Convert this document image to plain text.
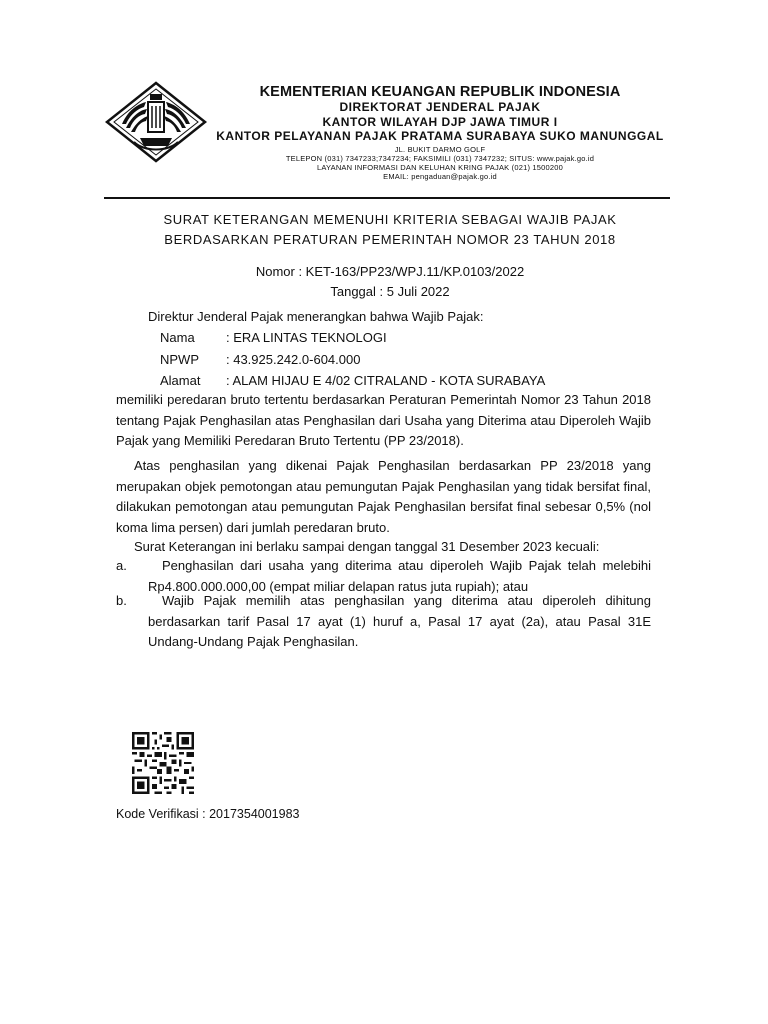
KEMENTERIAN KEUANGAN REPUBLIK INDONESIA
DIREKTORAT JENDERAL PAJAK
KANTOR WILAYAH DJP JAWA TIMUR I
KANTOR PELAYANAN PAJAK PRATAMA SURABAYA SUKO MANUNGGAL
JL. BUKIT DARMO GOLF
TELEPON (031) 7347233;7347234; FAKSIMILI (031) 7347232; SITUS: www.pajak.go.id
LAYANAN INFORMASI DAN KELUHAN KRING PAJAK (021) 1500200
EMAIL: pengaduan@pajak.go.id
SURAT KETERANGAN MEMENUHI KRITERIA SEBAGAI WAJIB PAJAK
BERDASARKAN PERATURAN PEMERINTAH NOMOR 23 TAHUN 2018
Nomor : KET-163/PP23/WPJ.11/KP.0103/2022
Tanggal : 5 Juli 2022
Direktur Jenderal Pajak menerangkan bahwa Wajib Pajak:
Nama : ERA LINTAS TEKNOLOGI
NPWP : 43.925.242.0-604.000
Alamat : ALAM HIJAU E 4/02 CITRALAND - KOTA SURABAYA
memiliki peredaran bruto tertentu berdasarkan Peraturan Pemerintah Nomor 23 Tahun 2018 tentang Pajak Penghasilan atas Penghasilan dari Usaha yang Diterima atau Diperoleh Wajib Pajak yang Memiliki Peredaran Bruto Tertentu (PP 23/2018).
Atas penghasilan yang dikenai Pajak Penghasilan berdasarkan PP 23/2018 yang merupakan objek pemotongan atau pemungutan Pajak Penghasilan yang tidak bersifat final, dilakukan pemotongan atau pemungutan Pajak Penghasilan bersifat final sebesar 0,5% (nol koma lima persen) dari jumlah peredaran bruto.
Surat Keterangan ini berlaku sampai dengan tanggal 31 Desember 2023 kecuali:
a.	Penghasilan dari usaha yang diterima atau diperoleh Wajib Pajak telah melebihi Rp4.800.000.000,00 (empat miliar delapan ratus juta rupiah); atau
b.	Wajib Pajak memilih atas penghasilan yang diterima atau diperoleh dihitung berdasarkan tarif Pasal 17 ayat (1) huruf a, Pasal 17 ayat (2a), atau Pasal 31E Undang-Undang Pajak Penghasilan.
Kode Verifikasi : 2017354001983
